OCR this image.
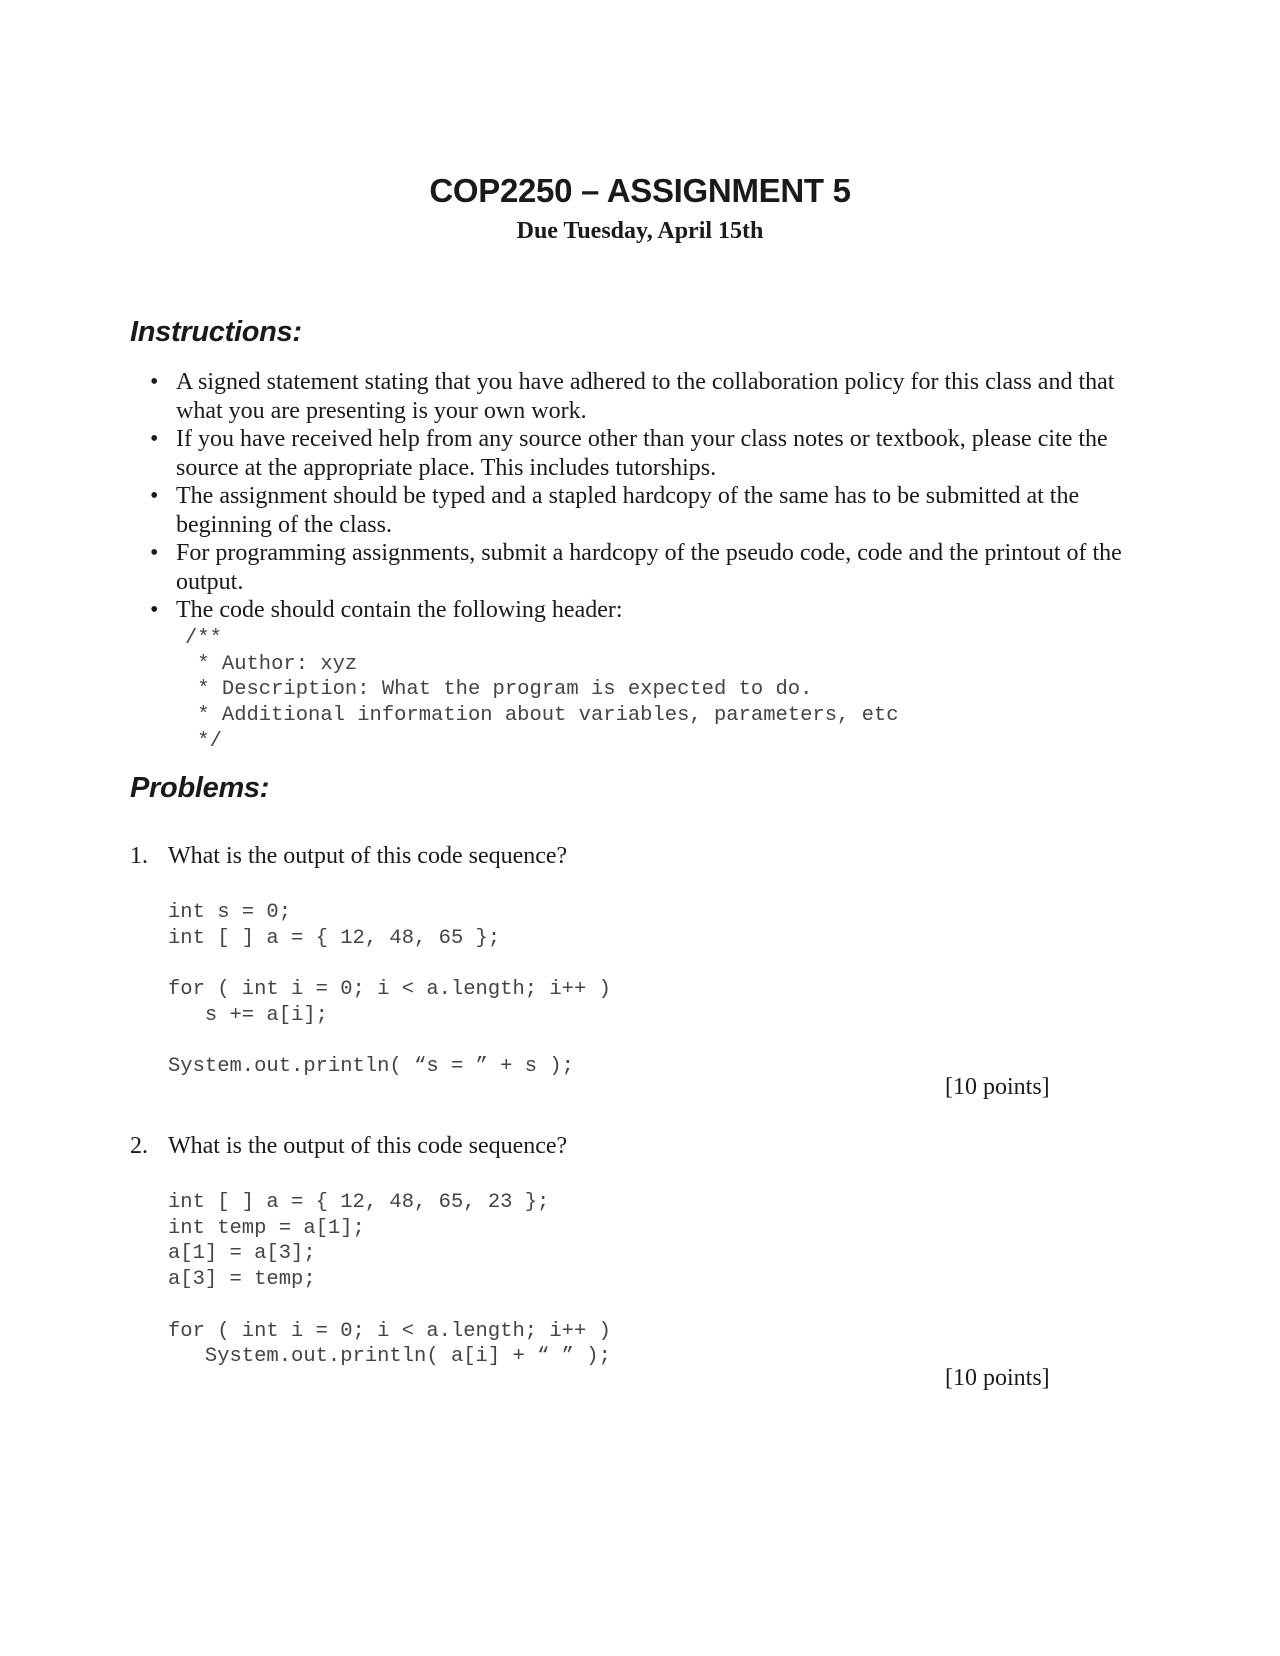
COP2250 – ASSIGNMENT 5
Due Tuesday, April 15th
Instructions:
• A signed statement stating that you have adhered to the collaboration policy for this class and that what you are presenting is your own work.
• If you have received help from any source other than your class notes or textbook, please cite the source at the appropriate place. This includes tutorships.
• The assignment should be typed and a stapled hardcopy of the same has to be submitted at the beginning of the class.
• For programming assignments, submit a hardcopy of the pseudo code, code and the printout of the output.
• The code should contain the following header:
/**
* Author: xyz
* Description: What the program is expected to do.
* Additional information about variables, parameters, etc
*/
Problems:
1. What is the output of this code sequence?
int s = 0;
int [ ] a = { 12, 48, 65 };

for ( int i = 0; i < a.length; i++ )
s += a[i];

System.out.println( “s = ” + s );
[10 points]
2. What is the output of this code sequence?
int [ ] a = { 12, 48, 65, 23 };
int temp = a[1];
a[1] = a[3];
a[3] = temp;

for ( int i = 0; i < a.length; i++ )
System.out.println( a[i] + “ ” );
[10 points]
